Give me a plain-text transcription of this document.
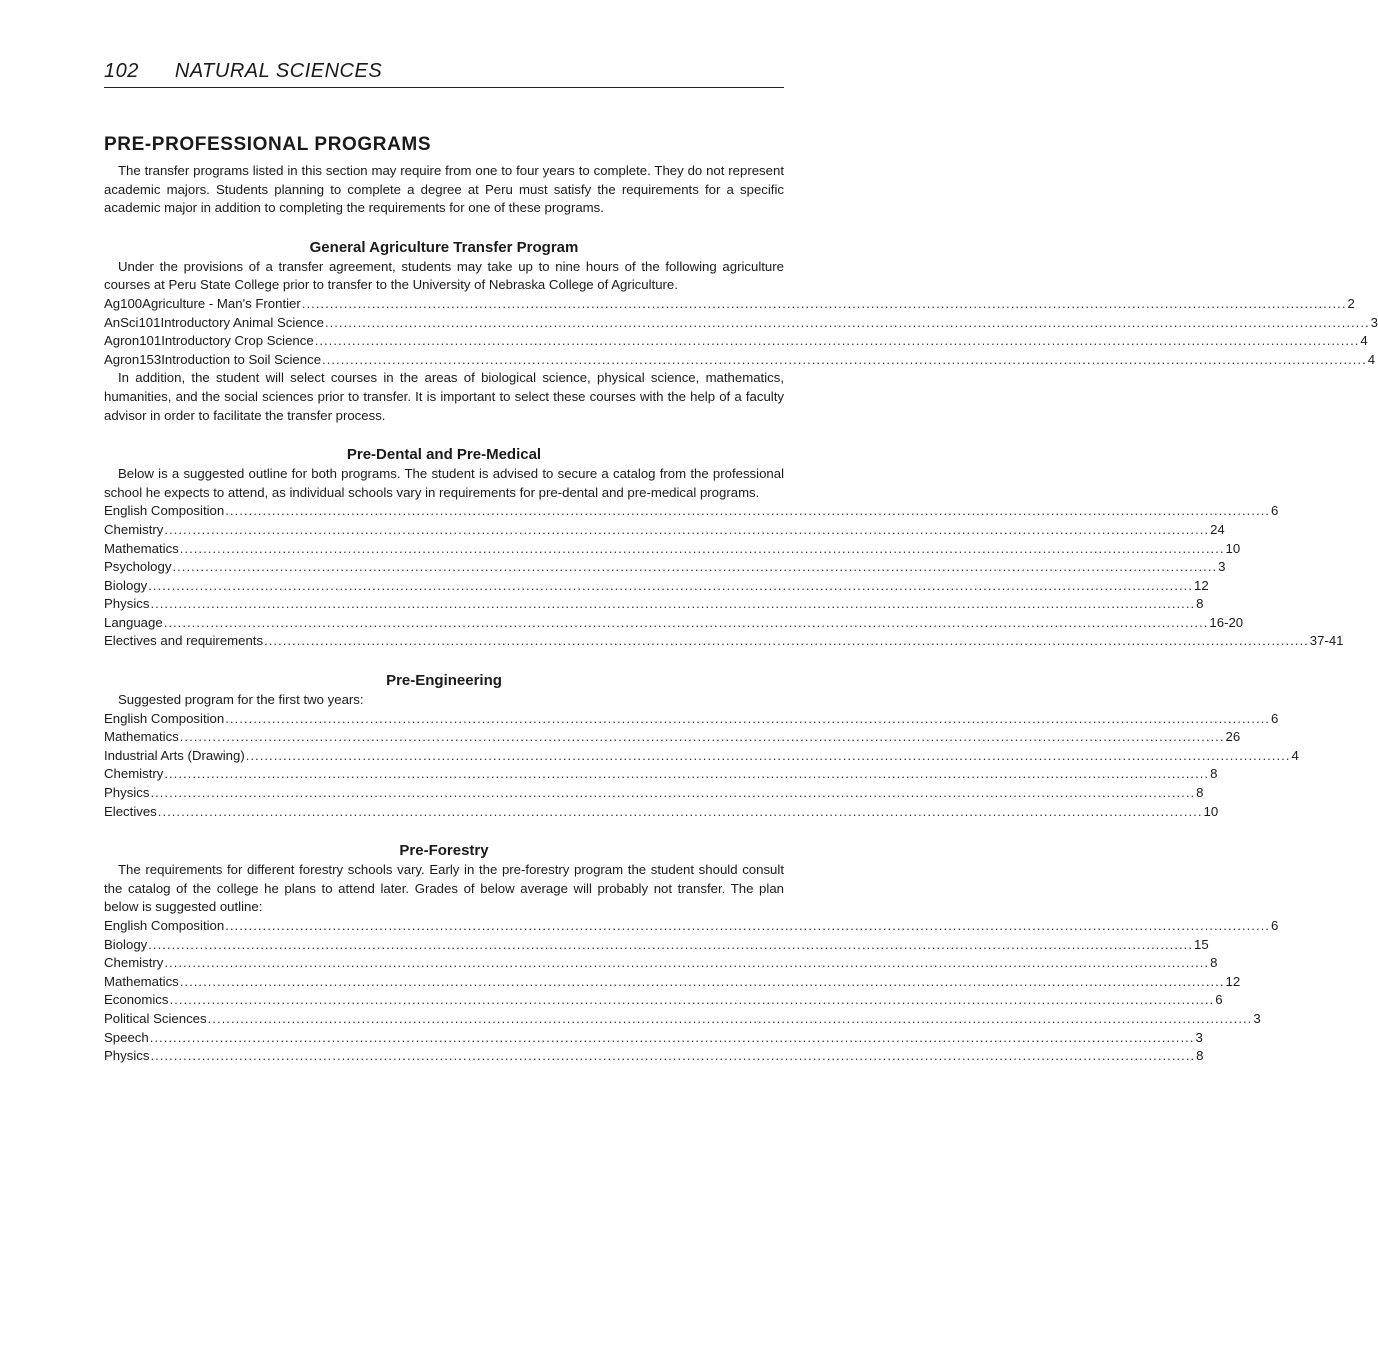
102 NATURAL SCIENCES
PRE-PROFESSIONAL PROGRAMS

The transfer programs listed in this section may require from one to four years to complete. They do not represent academic majors. Students planning to complete a degree at Peru must satisfy the requirements for a specific academic major in addition to completing the requirements for one of these programs.

General Agriculture Transfer Program

Under the provisions of a transfer agreement, students may take up to nine hours of the following agriculture courses at Peru State College prior to transfer to the University of Nebraska College of Agriculture.

Ag 100 Agriculture - Man's Frontier .....	2
AnSci 101 Introductory Animal Science .....	3
Agron 101 Introductory Crop Science .....	4
Agron 153 Introduction to Soil Science .....	4

In addition, the student will select courses in the areas of biological science, physical science, mathematics, humanities, and the social sciences prior to transfer. It is important to select these courses with the help of a faculty advisor in order to facilitate the transfer process.

Pre-Dental and Pre-Medical

Below is a suggested outline for both programs. The student is advised to secure a catalog from the professional school he expects to attend, as individual schools vary in requirements for pre-dental and pre-medical programs.

English Composition .....	6
Chemistry .....	24
Mathematics .....	10
Psychology .....	3
Biology .....	12
Physics .....	8
Language .....	16-20
Electives and requirements .....	37-41
Pre-Engineering

Suggested program for the first two years:

English Composition .....	6
Mathematics .....	26
Industrial Arts (Drawing) .....	4
Chemistry .....	8
Physics .....	8
Electives .....	10
Pre-Forestry

The requirements for different forestry schools vary. Early in the pre-forestry program the student should consult the catalog of the college he plans to attend later. Grades of below average will probably not transfer. The plan below is suggested outline:

English Composition .....	6
Biology .....	15
Chemistry .....	8
Mathematics .....	12
Economics .....	6
Political Sciences .....	3
Speech .....	3
Physics .....	8
